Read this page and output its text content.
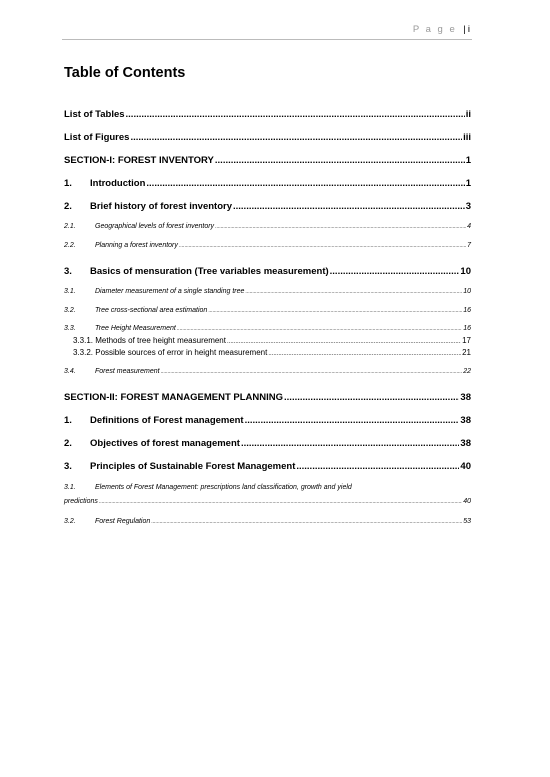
P a g e | i
Table of Contents
List of Tables .....	ii
List of Figures .....	iii
SECTION-I: FOREST INVENTORY .....	1
1. Introduction .....	1
2. Brief history of forest inventory .....	3
2.1.	Geographical levels of forest inventory .....	4
2.2.	Planning a forest inventory .....	7
3. Basics of mensuration (Tree variables measurement) .....	10
3.1.	Diameter measurement of a single standing tree .....	10
3.2.	Tree cross-sectional area estimation .....	16
3.3.	Tree Height Measurement .....	16
3.3.1. Methods of tree height measurement .....	17
3.3.2. Possible sources of error in height measurement .....	21
3.4.	Forest measurement .....	22
SECTION-II: FOREST MANAGEMENT PLANNING .....	38
1. Definitions of Forest management .....	38
2. Objectives of forest management .....	38
3. Principles of Sustainable Forest Management .....	40
3.1.	Elements of Forest Management: prescriptions land classification, growth and yield
predictions .....	40
3.2.	Forest Regulation .....	53
